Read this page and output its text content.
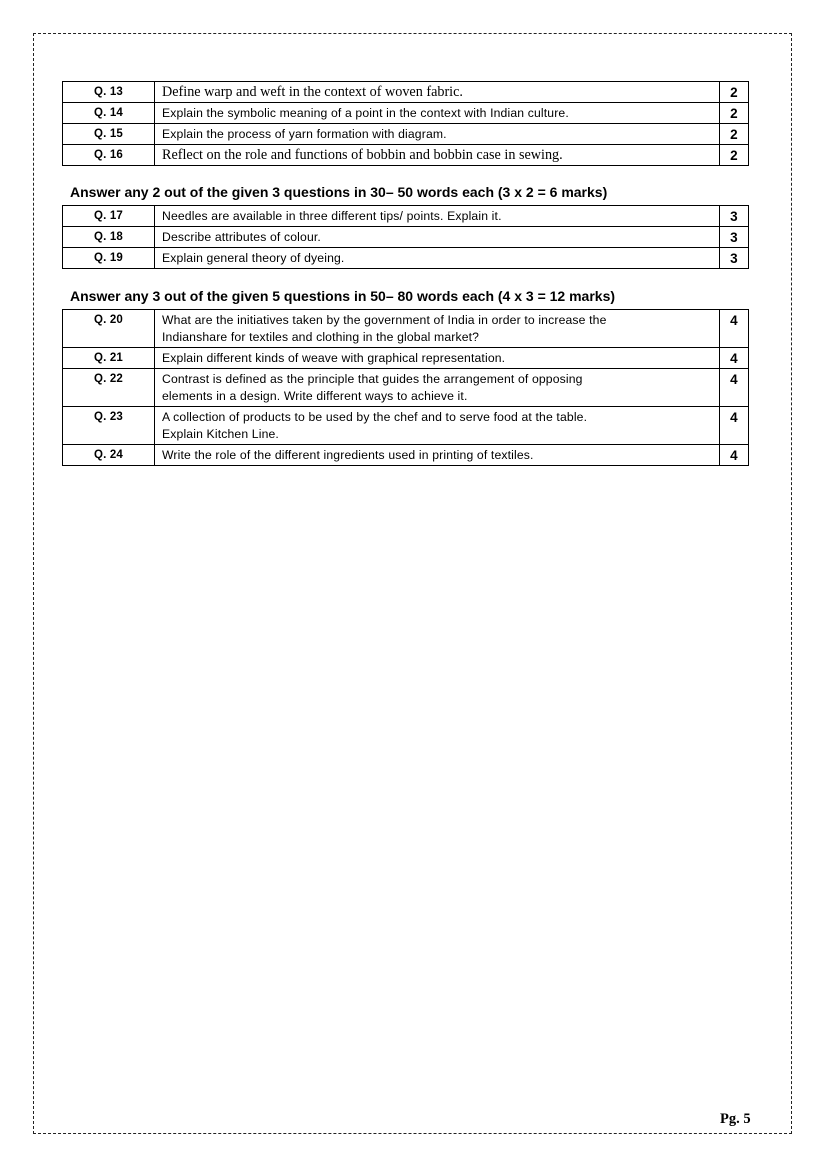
Q. 13	Define warp and weft in the context of woven fabric.	2
Q. 14	Explain the symbolic meaning of a point in the context with Indian culture.	2
Q. 15	Explain the process of yarn formation with diagram.	2
Q. 16	Reflect on the role and functions of bobbin and bobbin case in sewing.	2
Answer any 2 out of the given 3 questions in 30– 50 words each (3 x 2 = 6 marks)
Q. 17	Needles are available in three different tips/ points. Explain it.	3
Q. 18	Describe attributes of colour.	3
Q. 19	Explain general theory of dyeing.	3
Answer any 3 out of the given 5 questions in 50– 80 words each (4 x 3 = 12 marks)
Q. 20	What are the initiatives taken by the government of India in order to increase the
Indianshare for textiles and clothing in the global market?	4
Q. 21	Explain different kinds of weave with graphical representation.	4
Q. 22	Contrast is defined as the principle that guides the arrangement of opposing
elements in a design. Write different ways to achieve it.	4
Q. 23	A collection of products to be used by the chef and to serve food at the table.
Explain Kitchen Line.	4
Q. 24	Write the role of the different ingredients used in printing of textiles.	4
Pg. 5
